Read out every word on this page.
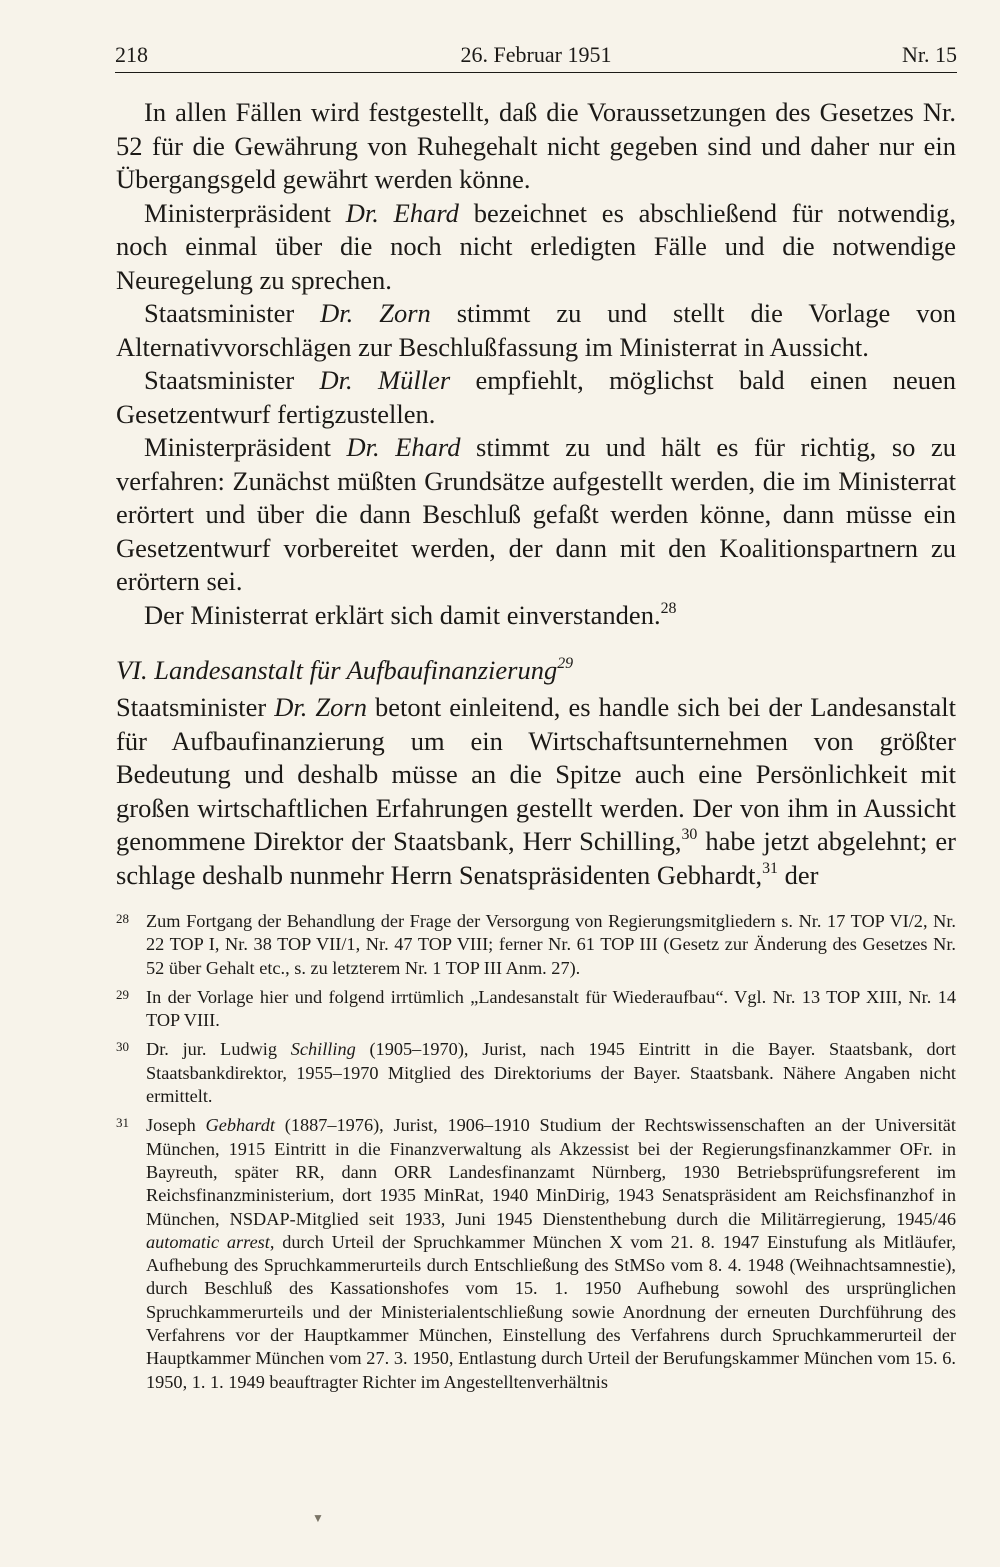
218	26. Februar 1951	Nr. 15

In allen Fällen wird festgestellt, daß die Voraussetzungen des Gesetzes Nr. 52 für die Gewährung von Ruhegehalt nicht gegeben sind und daher nur ein Übergangsgeld gewährt werden könne.

Ministerpräsident Dr. Ehard bezeichnet es abschließend für notwendig, noch einmal über die noch nicht erledigten Fälle und die notwendige Neuregelung zu sprechen.

Staatsminister Dr. Zorn stimmt zu und stellt die Vorlage von Alternativvorschlägen zur Beschlußfassung im Ministerrat in Aussicht.

Staatsminister Dr. Müller empfiehlt, möglichst bald einen neuen Gesetzentwurf fertigzustellen.

Ministerpräsident Dr. Ehard stimmt zu und hält es für richtig, so zu verfahren: Zunächst müßten Grundsätze aufgestellt werden, die im Ministerrat erörtert und über die dann Beschluß gefaßt werden könne, dann müsse ein Gesetzentwurf vorbereitet werden, der dann mit den Koalitionspartnern zu erörtern sei.

Der Ministerrat erklärt sich damit einverstanden.$^{28}$

VI. Landesanstalt für Aufbaufinanzierung$^{29}$

Staatsminister Dr. Zorn betont einleitend, es handle sich bei der Landesanstalt für Aufbaufinanzierung um ein Wirtschaftsunternehmen von größter Bedeutung und deshalb müsse an die Spitze auch eine Persönlichkeit mit großen wirtschaftlichen Erfahrungen gestellt werden. Der von ihm in Aussicht genommene Direktor der Staatsbank, Herr Schilling,$^{30}$ habe jetzt abgelehnt; er schlage deshalb nunmehr Herrn Senatspräsidenten Gebhardt,$^{31}$ der

28 Zum Fortgang der Behandlung der Frage der Versorgung von Regierungsmitgliedern s. Nr. 17 TOP VI/2, Nr. 22 TOP I, Nr. 38 TOP VII/1, Nr. 47 TOP VIII; ferner Nr. 61 TOP III (Gesetz zur Änderung des Gesetzes Nr. 52 über Gehalt etc., s. zu letzterem Nr. 1 TOP III Anm. 27).
29 In der Vorlage hier und folgend irrtümlich „Landesanstalt für Wiederaufbau“. Vgl. Nr. 13 TOP XIII, Nr. 14 TOP VIII.
30 Dr. jur. Ludwig Schilling (1905–1970), Jurist, nach 1945 Eintritt in die Bayer. Staatsbank, dort Staatsbankdirektor, 1955–1970 Mitglied des Direktoriums der Bayer. Staatsbank. Nähere Angaben nicht ermittelt.
31 Joseph Gebhardt (1887–1976), Jurist, 1906–1910 Studium der Rechtswissenschaften an der Universität München, 1915 Eintritt in die Finanzverwaltung als Akzessist bei der Regierungsfinanzkammer OFr. in Bayreuth, später RR, dann ORR Landesfinanzamt Nürnberg, 1930 Betriebsprüfungsreferent im Reichsfinanzministerium, dort 1935 MinRat, 1940 MinDirig, 1943 Senatspräsident am Reichsfinanzhof in München, NSDAP-Mitglied seit 1933, Juni 1945 Dienstenthebung durch die Militärregierung, 1945/46 automatic arrest, durch Urteil der Spruchkammer München X vom 21. 8. 1947 Einstufung als Mitläufer, Aufhebung des Spruchkammerurteils durch Entschließung des StMSo vom 8. 4. 1948 (Weihnachtsamnestie), durch Beschluß des Kassationshofes vom 15. 1. 1950 Aufhebung sowohl des ursprünglichen Spruchkammerurteils und der Ministerialentschließung sowie Anordnung der erneuten Durchführung des Verfahrens vor der Hauptkammer München, Einstellung des Verfahrens durch Spruchkammerurteil der Hauptkammer München vom 27. 3. 1950, Entlastung durch Urteil der Berufungskammer München vom 15. 6. 1950, 1. 1. 1949 beauftragter Richter im Angestelltenverhältnis
▼
